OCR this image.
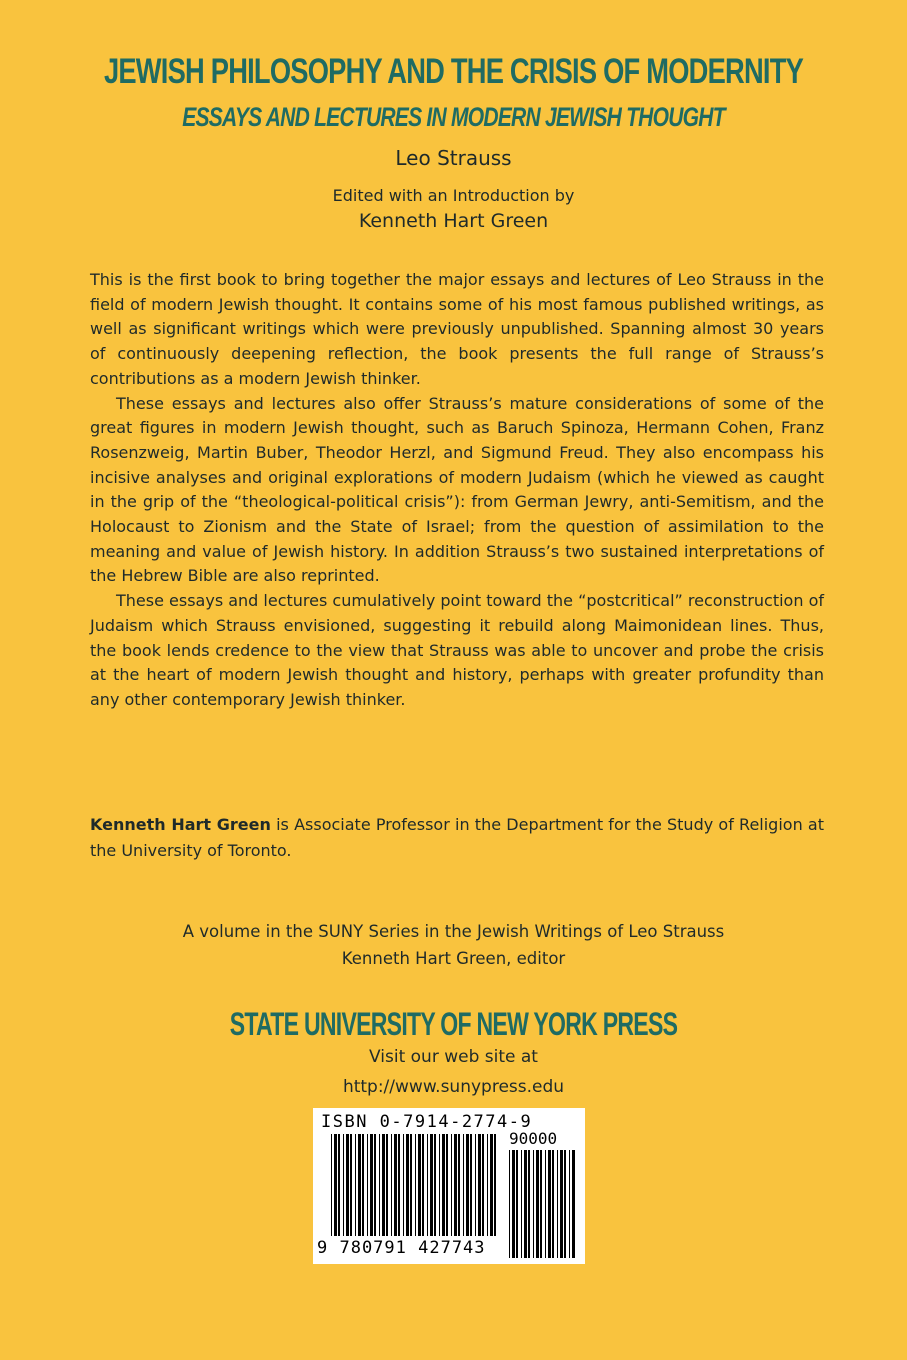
JEWISH PHILOSOPHY AND THE CRISIS OF MODERNITY
ESSAYS AND LECTURES IN MODERN JEWISH THOUGHT
Leo Strauss
Edited with an Introduction by
Kenneth Hart Green

This is the first book to bring together the major essays and lectures of Leo Strauss in the field of modern Jewish thought. It contains some of his most famous published writings, as well as significant writings which were previously unpublished. Spanning almost 30 years of continuously deepening reflection, the book presents the full range of Strauss’s contributions as a modern Jewish thinker.

These essays and lectures also offer Strauss’s mature considerations of some of the great figures in modern Jewish thought, such as Baruch Spinoza, Hermann Cohen, Franz Rosenzweig, Martin Buber, Theodor Herzl, and Sigmund Freud. They also encompass his incisive analyses and original explorations of modern Judaism (which he viewed as caught in the grip of the “theological-political crisis”): from German Jewry, anti-Semitism, and the Holocaust to Zionism and the State of Israel; from the question of assimilation to the meaning and value of Jewish history. In addition Strauss’s two sustained interpretations of the Hebrew Bible are also reprinted.

These essays and lectures cumulatively point toward the “postcritical” reconstruction of Judaism which Strauss envisioned, suggesting it rebuild along Maimonidean lines. Thus, the book lends credence to the view that Strauss was able to uncover and probe the crisis at the heart of modern Jewish thought and history, perhaps with greater profundity than any other contemporary Jewish thinker.

Kenneth Hart Green is Associate Professor in the Department for the Study of Religion at the University of Toronto.
A volume in the SUNY Series in the Jewish Writings of Leo Strauss
Kenneth Hart Green, editor
STATE UNIVERSITY OF NEW YORK PRESS
Visit our web site at
http://www.sunypress.edu
ISBN 0-7914-2774-9
90000
9 780791 427743
